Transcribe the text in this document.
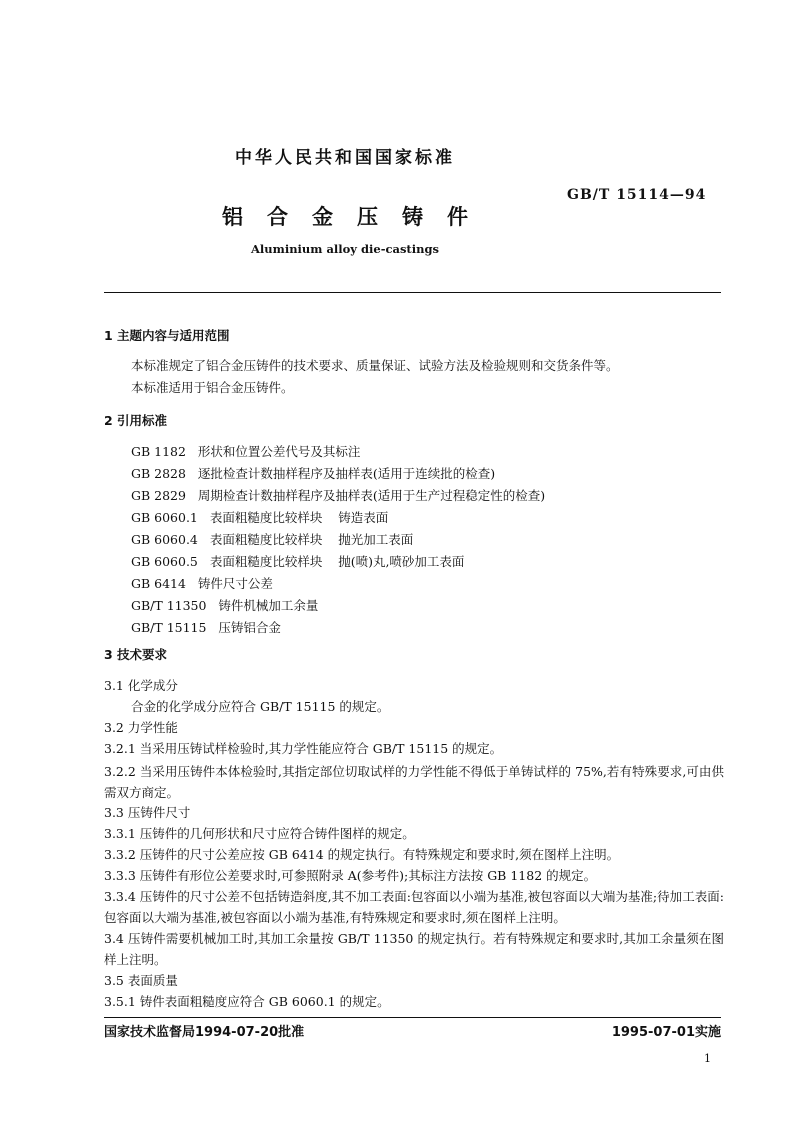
中华人民共和国国家标准
GB/T 15114—94
铝 合 金 压 铸 件
Aluminium alloy die-castings
1 主题内容与适用范围
本标准规定了铝合金压铸件的技术要求、质量保证、试验方法及检验规则和交货条件等。
本标准适用于铝合金压铸件。
2 引用标准
GB 1182 形状和位置公差代号及其标注
GB 2828 逐批检查计数抽样程序及抽样表(适用于连续批的检查)
GB 2829 周期检查计数抽样程序及抽样表(适用于生产过程稳定性的检查)
GB 6060.1 表面粗糙度比较样块    铸造表面
GB 6060.4 表面粗糙度比较样块    抛光加工表面
GB 6060.5 表面粗糙度比较样块    抛(喷)丸,喷砂加工表面
GB 6414 铸件尺寸公差
GB/T 11350 铸件机械加工余量
GB/T 15115 压铸铝合金
3 技术要求
3.1 化学成分
合金的化学成分应符合 GB/T 15115 的规定。
3.2 力学性能
3.2.1 当采用压铸试样检验时,其力学性能应符合 GB/T 15115 的规定。
3.2.2 当采用压铸件本体检验时,其指定部位切取试样的力学性能不得低于单铸试样的 75%,若有特殊要求,可由供需双方商定。
3.3 压铸件尺寸
3.3.1 压铸件的几何形状和尺寸应符合铸件图样的规定。
3.3.2 压铸件的尺寸公差应按 GB 6414 的规定执行。有特殊规定和要求时,须在图样上注明。
3.3.3 压铸件有形位公差要求时,可参照附录 A(参考件);其标注方法按 GB 1182 的规定。
3.3.4 压铸件的尺寸公差不包括铸造斜度,其不加工表面:包容面以小端为基准,被包容面以大端为基准;待加工表面:包容面以大端为基准,被包容面以小端为基准,有特殊规定和要求时,须在图样上注明。
3.4 压铸件需要机械加工时,其加工余量按 GB/T 11350 的规定执行。若有特殊规定和要求时,其加工余量须在图样上注明。
3.5 表面质量
3.5.1 铸件表面粗糙度应符合 GB 6060.1 的规定。
国家技术监督局1994-07-20批准	1995-07-01实施
1
